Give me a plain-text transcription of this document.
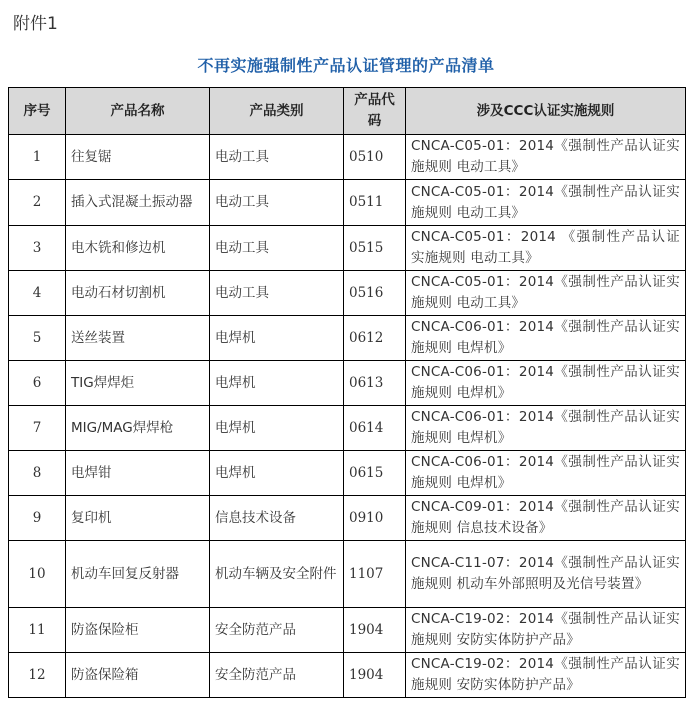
附件1
不再实施强制性产品认证管理的产品清单
序号	产品名称	产品类别	产品代码	涉及CCC认证实施规则
1	往复锯	电动工具	0510	CNCA-C05-01：2014《强制性产品认证实施规则 电动工具》
2	插入式混凝土振动器	电动工具	0511	CNCA-C05-01：2014《强制性产品认证实施规则 电动工具》
3	电木铣和修边机	电动工具	0515	CNCA-C05-01：2014 《强制性产品认证实施规则 电动工具》
4	电动石材切割机	电动工具	0516	CNCA-C05-01：2014《强制性产品认证实施规则 电动工具》
5	送丝装置	电焊机	0612	CNCA-C06-01：2014《强制性产品认证实施规则 电焊机》
6	TIG焊焊炬	电焊机	0613	CNCA-C06-01：2014《强制性产品认证实施规则 电焊机》
7	MIG/MAG焊焊枪	电焊机	0614	CNCA-C06-01：2014《强制性产品认证实施规则 电焊机》
8	电焊钳	电焊机	0615	CNCA-C06-01：2014《强制性产品认证实施规则 电焊机》
9	复印机	信息技术设备	0910	CNCA-C09-01：2014《强制性产品认证实施规则 信息技术设备》
10	机动车回复反射器	机动车辆及安全附件	1107	CNCA-C11-07：2014《强制性产品认证实施规则 机动车外部照明及光信号装置》
11	防盗保险柜	安全防范产品	1904	CNCA-C19-02：2014《强制性产品认证实施规则 安防实体防护产品》
12	防盗保险箱	安全防范产品	1904	CNCA-C19-02：2014《强制性产品认证实施规则 安防实体防护产品》
